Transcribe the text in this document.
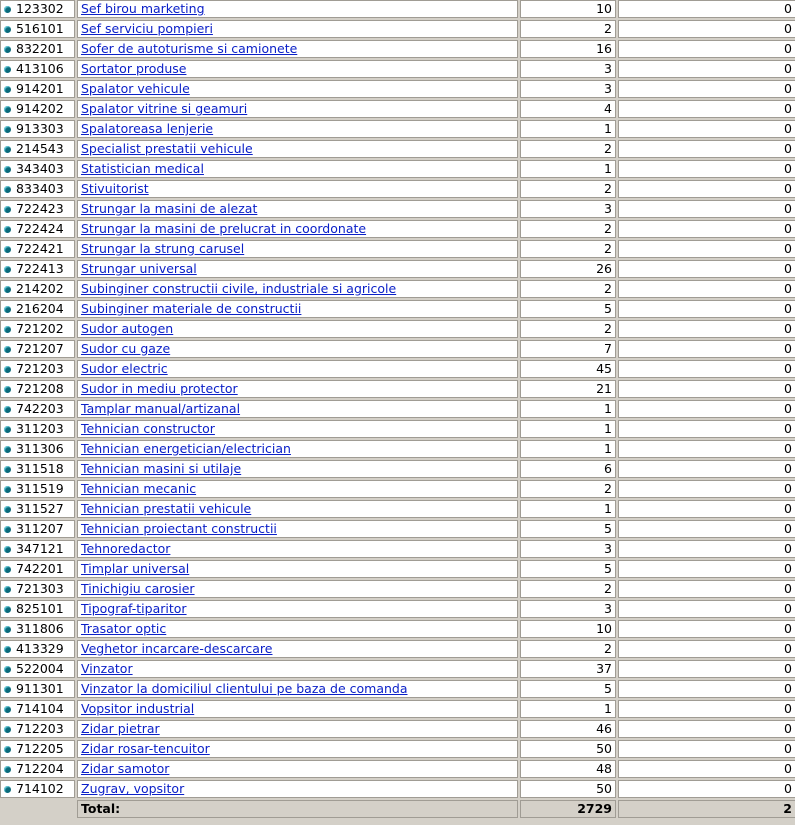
123302	Sef birou marketing	10	0
516101	Sef serviciu pompieri	2	0
832201	Sofer de autoturisme si camionete	16	0
413106	Sortator produse	3	0
914201	Spalator vehicule	3	0
914202	Spalator vitrine si geamuri	4	0
913303	Spalatoreasa lenjerie	1	0
214543	Specialist prestatii vehicule	2	0
343403	Statistician medical	1	0
833403	Stivuitorist	2	0
722423	Strungar la masini de alezat	3	0
722424	Strungar la masini de prelucrat in coordonate	2	0
722421	Strungar la strung carusel	2	0
722413	Strungar universal	26	0
214202	Subinginer constructii civile, industriale si agricole	2	0
216204	Subinginer materiale de constructii	5	0
721202	Sudor autogen	2	0
721207	Sudor cu gaze	7	0
721203	Sudor electric	45	0
721208	Sudor in mediu protector	21	0
742203	Tamplar manual/artizanal	1	0
311203	Tehnician constructor	1	0
311306	Tehnician energetician/electrician	1	0
311518	Tehnician masini si utilaje	6	0
311519	Tehnician mecanic	2	0
311527	Tehnician prestatii vehicule	1	0
311207	Tehnician proiectant constructii	5	0
347121	Tehnoredactor	3	0
742201	Timplar universal	5	0
721303	Tinichigiu carosier	2	0
825101	Tipograf-tiparitor	3	0
311806	Trasator optic	10	0
413329	Veghetor incarcare-descarcare	2	0
522004	Vinzator	37	0
911301	Vinzator la domiciliul clientului pe baza de comanda	5	0
714104	Vopsitor industrial	1	0
712203	Zidar pietrar	46	0
712205	Zidar rosar-tencuitor	50	0
712204	Zidar samotor	48	0
714102	Zugrav, vopsitor	50	0
	Total:	2729	2
